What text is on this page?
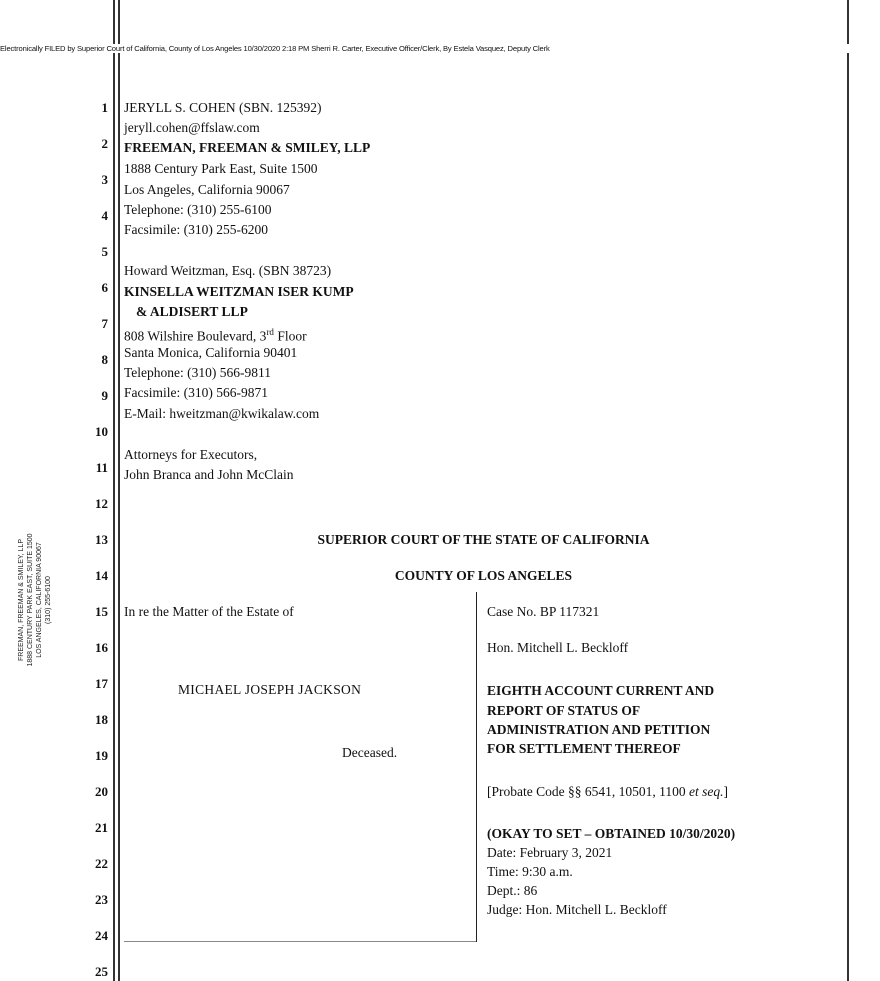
Electronically FILED by Superior Court of California, County of Los Angeles 10/30/2020 2:18 PM Sherri R. Carter, Executive Officer/Clerk, By Estela Vasquez, Deputy Clerk
FREEMAN, FREEMAN & SMILEY, LLP 1888 CENTURY PARK EAST, SUITE 1500 LOS ANGELES, CALIFORNIA 90067 (310) 255-6100
1
2
3
4
5
6
7
8
9
10
11
12
13
14
15
16
17
18
19
20
21
22
23
24
25
JERYLL S. COHEN (SBN. 125392)
jeryll.cohen@ffslaw.com
FREEMAN, FREEMAN & SMILEY, LLP
1888 Century Park East, Suite 1500
Los Angeles, California 90067
Telephone: (310) 255-6100
Facsimile: (310) 255-6200
Howard Weitzman, Esq. (SBN 38723)
KINSELLA WEITZMAN ISER KUMP
& ALDISERT LLP
808 Wilshire Boulevard, 3rd Floor
Santa Monica, California 90401
Telephone: (310) 566-9811
Facsimile: (310) 566-9871
E-Mail: hweitzman@kwikalaw.com
Attorneys for Executors,
John Branca and John McClain
SUPERIOR COURT OF THE STATE OF CALIFORNIA
COUNTY OF LOS ANGELES
In re the Matter of the Estate of
MICHAEL JOSEPH JACKSON
Deceased.
Case No. BP 117321
Hon. Mitchell L. Beckloff
EIGHTH ACCOUNT CURRENT AND
REPORT OF STATUS OF
ADMINISTRATION AND PETITION
FOR SETTLEMENT THEREOF
[Probate Code §§ 6541, 10501, 1100 et seq.]
(OKAY TO SET – OBTAINED 10/30/2020)
Date: February 3, 2021
Time: 9:30 a.m.
Dept.: 86
Judge: Hon. Mitchell L. Beckloff
